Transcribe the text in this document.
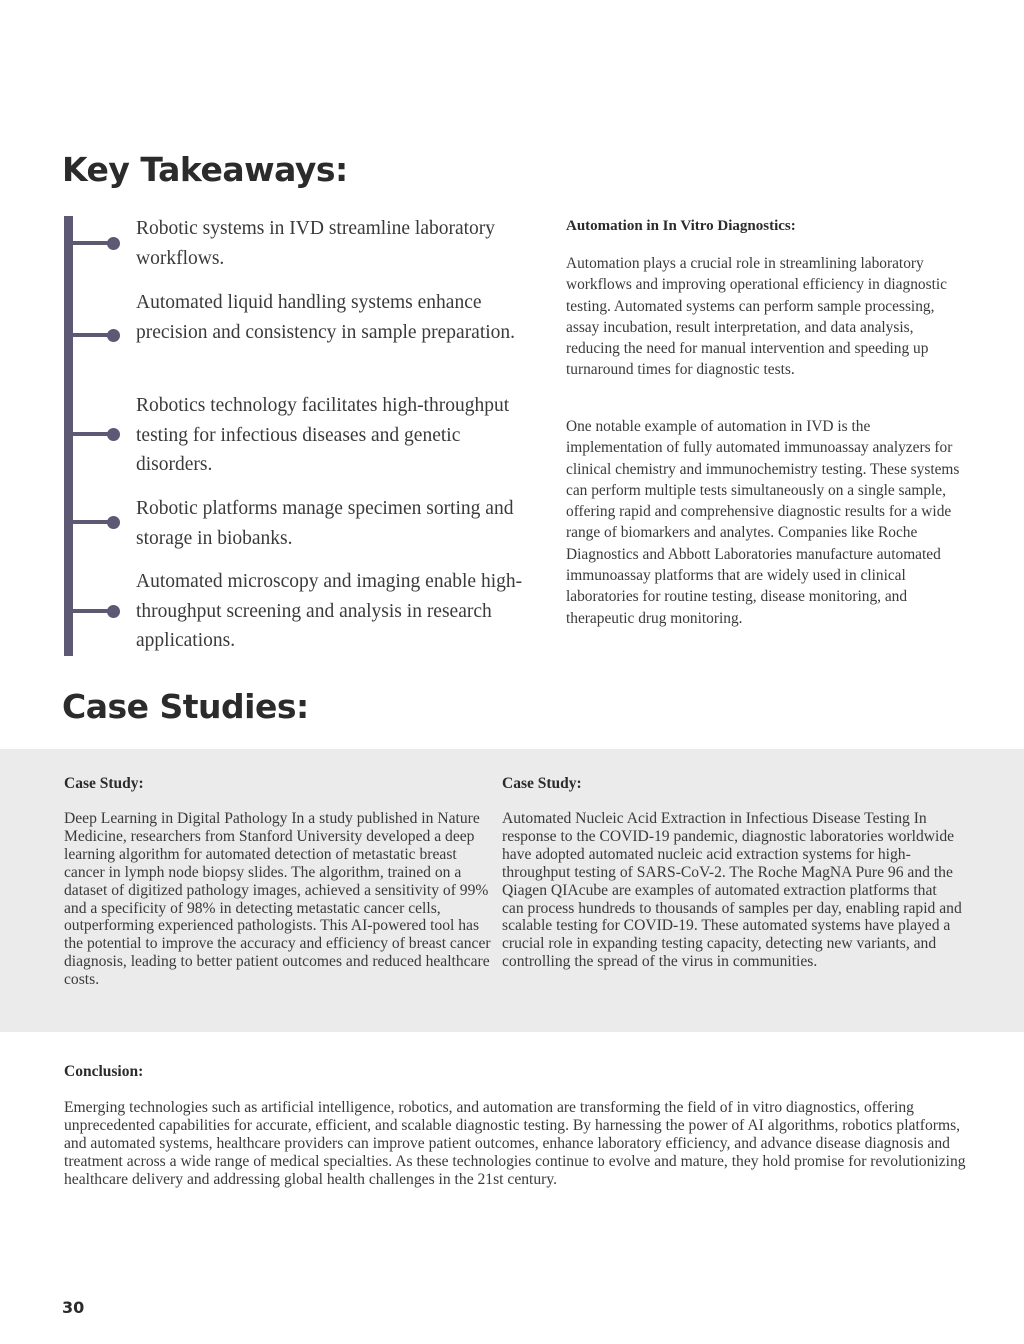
Key Takeaways:

Robotic systems in IVD streamline laboratory workflows.

Automated liquid handling systems enhance precision and consistency in sample preparation.

Robotics technology facilitates high-throughput testing for infectious diseases and genetic disorders.

Robotic platforms manage specimen sorting and storage in biobanks.

Automated microscopy and imaging enable high-throughput screening and analysis in research applications.

Automation in In Vitro Diagnostics:

Automation plays a crucial role in streamlining laboratory workflows and improving operational efficiency in diagnostic testing. Automated systems can perform sample processing, assay incubation, result interpretation, and data analysis, reducing the need for manual intervention and speeding up turnaround times for diagnostic tests.

One notable example of automation in IVD is the implementation of fully automated immunoassay analyzers for clinical chemistry and immunochemistry testing. These systems can perform multiple tests simultaneously on a single sample, offering rapid and comprehensive diagnostic results for a wide range of biomarkers and analytes. Companies like Roche Diagnostics and Abbott Laboratories manufacture automated immunoassay platforms that are widely used in clinical laboratories for routine testing, disease monitoring, and therapeutic drug monitoring.

Case Studies:
Case Study:

Deep Learning in Digital Pathology In a study published in Nature Medicine, researchers from Stanford University developed a deep learning algorithm for automated detection of metastatic breast cancer in lymph node biopsy slides. The algorithm, trained on a dataset of digitized pathology images, achieved a sensitivity of 99% and a specificity of 98% in detecting metastatic cancer cells, outperforming experienced pathologists. This AI-powered tool has the potential to improve the accuracy and efficiency of breast cancer diagnosis, leading to better patient outcomes and reduced healthcare costs.

Case Study:

Automated Nucleic Acid Extraction in Infectious Disease Testing In response to the COVID-19 pandemic, diagnostic laboratories worldwide have adopted automated nucleic acid extraction systems for high-throughput testing of SARS-CoV-2. The Roche MagNA Pure 96 and the Qiagen QIAcube are examples of automated extraction platforms that can process hundreds to thousands of samples per day, enabling rapid and scalable testing for COVID-19. These automated systems have played a crucial role in expanding testing capacity, detecting new variants, and controlling the spread of the virus in communities.

Conclusion:

Emerging technologies such as artificial intelligence, robotics, and automation are transforming the field of in vitro diagnostics, offering unprecedented capabilities for accurate, efficient, and scalable diagnostic testing. By harnessing the power of AI algorithms, robotics platforms, and automated systems, healthcare providers can improve patient outcomes, enhance laboratory efficiency, and advance disease diagnosis and treatment across a wide range of medical specialties. As these technologies continue to evolve and mature, they hold promise for revolutionizing healthcare delivery and addressing global health challenges in the 21st century.

30
